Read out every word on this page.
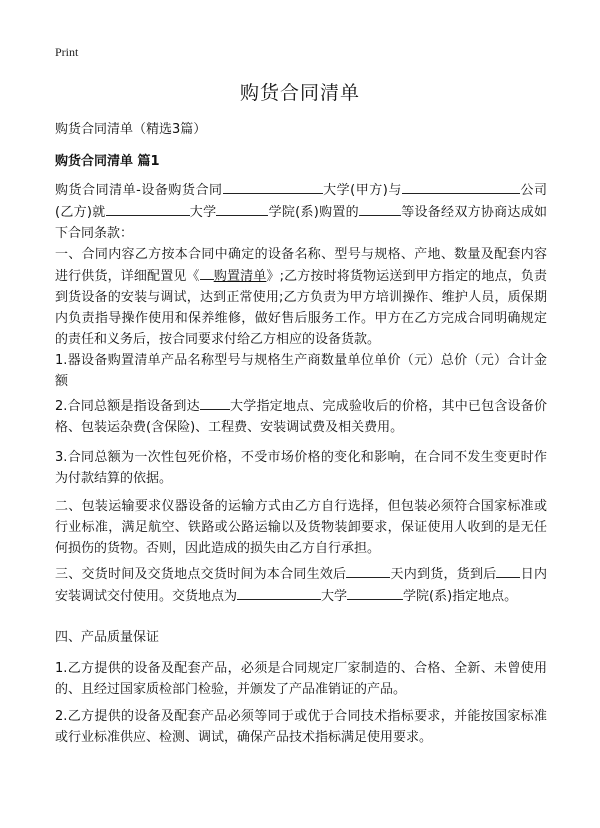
Print
购货合同清单

购货合同清单（精选3篇）

购货合同清单 篇1

购货合同清单-设备购货合同	大学(甲方)与	公司(乙方)就	大学	学院(系)购置的	等设备经双方协商达成如下合同条款：

一、合同内容乙方按本合同中确定的设备名称、型号与规格、产地、数量及配套内容进行供货，详细配置见《 购置清单》;乙方按时将货物运送到甲方指定的地点，负责到货设备的安装与调试，达到正常使用;乙方负责为甲方培训操作、维护人员，质保期内负责指导操作使用和保养维修，做好售后服务工作。甲方在乙方完成合同明确规定的责任和义务后，按合同要求付给乙方相应的设备货款。

1.器设备购置清单产品名称型号与规格生产商数量单位单价（元）总价（元）合计金额

2.合同总额是指设备到达 大学指定地点、完成验收后的价格，其中已包含设备价格、包装运杂费(含保险)、工程费、安装调试费及相关费用。

3.合同总额为一次性包死价格，不受市场价格的变化和影响，在合同不发生变更时作为付款结算的依据。

二、包装运输要求仪器设备的运输方式由乙方自行选择，但包装必须符合国家标准或行业标准，满足航空、铁路或公路运输以及货物装卸要求，保证使用人收到的是无任何损伤的货物。否则，因此造成的损失由乙方自行承担。

三、交货时间及交货地点交货时间为本合同生效后	天内到货，货到后 日内安装调试交付使用。交货地点为	大学	学院(系)指定地点。

四、产品质量保证

1.乙方提供的设备及配套产品，必须是合同规定厂家制造的、合格、全新、未曾使用的、且经过国家质检部门检验，并颁发了产品准销证的产品。

2.乙方提供的设备及配套产品必须等同于或优于合同技术指标要求，并能按国家标准或行业标准供应、检测、调试，确保产品技术指标满足使用要求。
